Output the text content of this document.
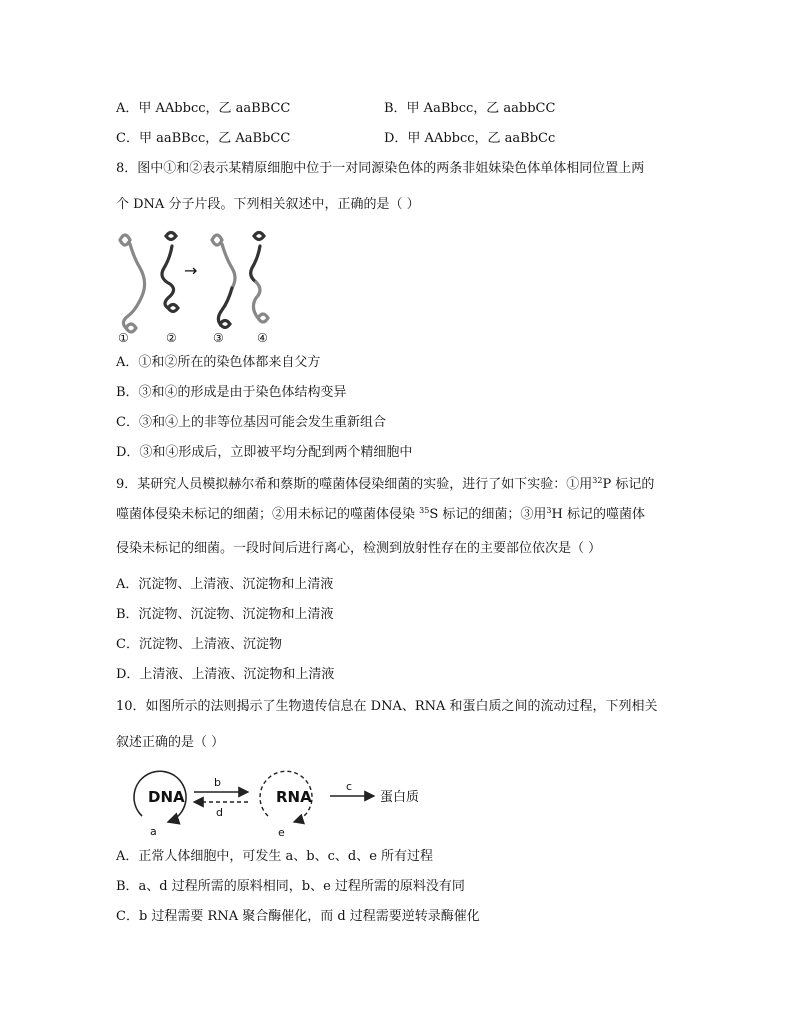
A．甲 AAbbcc，乙 aaBBCC	B．甲 AaBbcc，乙 aabbCC
C．甲 aaBBcc，乙 AaBbCC	D．甲 AAbbcc，乙 aaBbCc
8．图中①和②表示某精原细胞中位于一对同源染色体的两条非姐妹染色体单体相同位置上两
个 DNA 分子片段。下列相关叙述中，正确的是（ ）
→
①	②	③	④
A．①和②所在的染色体都来自父方
B．③和④的形成是由于染色体结构变异
C．③和④上的非等位基因可能会发生重新组合
D．③和④形成后，立即被平均分配到两个精细胞中
9．某研究人员模拟赫尔希和蔡斯的噬菌体侵染细菌的实验，进行了如下实验：①用$^{32}$P 标记的
噬菌体侵染未标记的细菌；②用未标记的噬菌体侵染 $^{35}$S 标记的细菌；③用$^3$H 标记的噬菌体
侵染未标记的细菌。一段时间后进行离心，检测到放射性存在的主要部位依次是（ ）
A．沉淀物、上清液、沉淀物和上清液
B．沉淀物、沉淀物、沉淀物和上清液
C．沉淀物、上清液、沉淀物
D．上清液、上清液、沉淀物和上清液
10．如图所示的法则揭示了生物遗传信息在 DNA、RNA 和蛋白质之间的流动过程，下列相关
叙述正确的是（ ）
DNA
a
b
d
RNA
e
c
蛋白质
A．正常人体细胞中，可发生 a、b、c、d、e 所有过程
B．a、d 过程所需的原料相同，b、e 过程所需的原料没有同
C．b 过程需要 RNA 聚合酶催化，而 d 过程需要逆转录酶催化
